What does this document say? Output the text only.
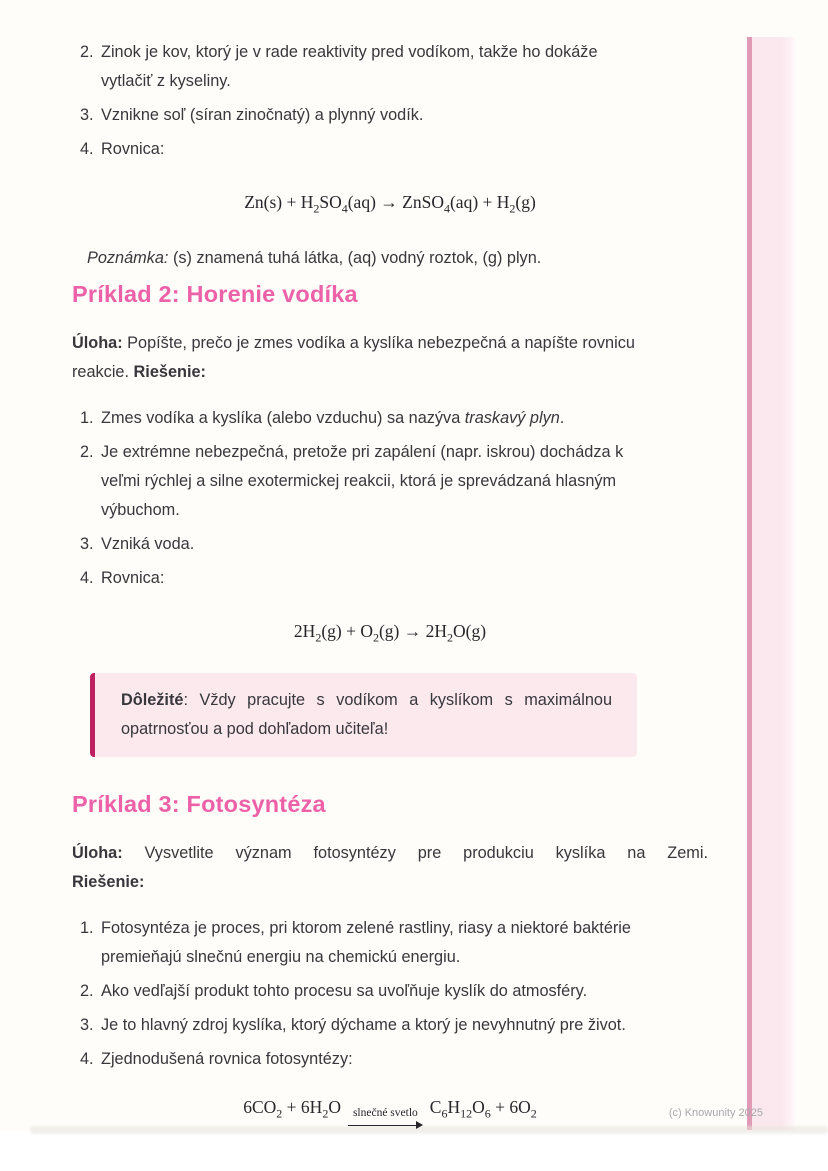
2. Zinok je kov, ktorý je v rade reaktivity pred vodíkom, takže ho dokáže
vytlačiť z kyseliny.
3. Vznikne soľ (síran zinočnatý) a plynný vodík.
4. Rovnica:
$Zn(s) + H_2SO_4(aq)$ → ZnSO$_4$(aq) + $H_2(g)$
Poznámka: (s) znamená tuhá látka, (aq) vodný roztok, (g) plyn.
Príklad 2: Horenie vodíka

Úloha: Popíšte, prečo je zmes vodíka a kyslíka nebezpečná a napíšte rovnicu
reakcie. Riešenie:

1. Zmes vodíka a kyslíka (alebo vzduchu) sa nazýva traskavý plyn.
2. Je extrémne nebezpečná, pretože pri zapálení (napr. iskrou) dochádza k
veľmi rýchlej a silne exotermickej reakcii, ktorá je sprevádzaná hlasným
výbuchom.
3. Vzniká voda.
4. Rovnica:
$2H_2(g) + O_2(g) \to 2H_2O(g)$
Dôležité: Vždy pracujte s vodíkom a kyslíkom s maximálnou
opatrnosťou a pod dohľadom učiteľa!
Príklad 3: Fotosyntéza
Úloha: Vysvetlite význam fotosyntézy pre produkciu kyslíka na Zemi.
Riešenie:
1. Fotosyntéza je proces, pri ktorom zelené rastliny, riasy a niektoré baktérie
premieňajú slnečnú energiu na chemickú energiu.
2. Ako vedľajší produkt tohto procesu sa uvoľňuje kyslík do atmosféry.
3. Je to hlavný zdroj kyslíka, ktorý dýchame a ktorý je nevyhnutný pre život.
4. Zjednodušená rovnica fotosyntézy:
$6CO_2 + 6H_2O$	slnečné svetlo $C_6H_{12}O_6 + 6O_2$	(c) Knowunity 2025
